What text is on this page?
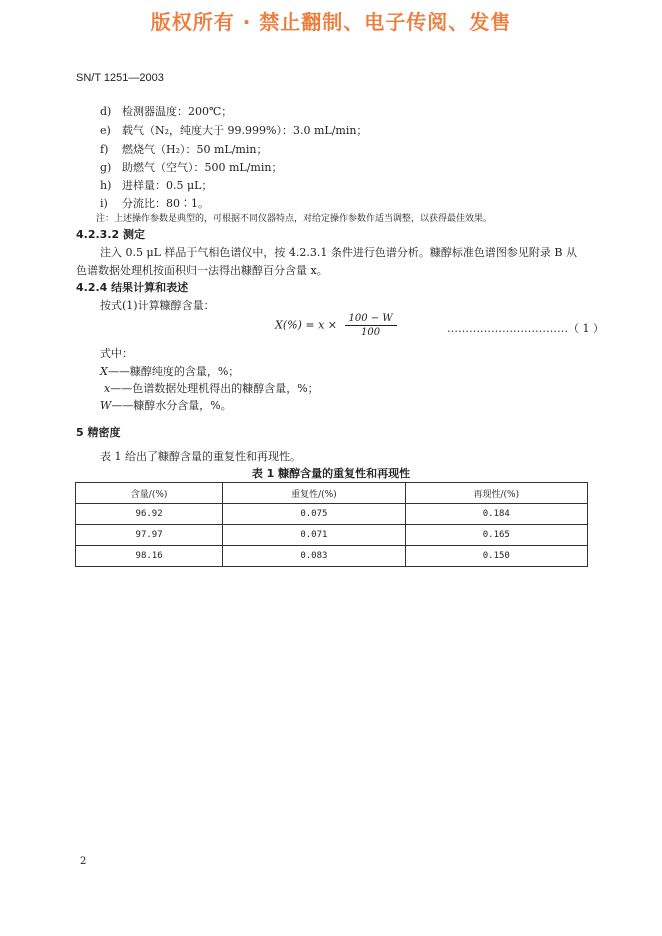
版权所有 · 禁止翻制、电子传阅、发售
SN/T 1251—2003
d) 检测器温度：200℃；
e) 载气（N₂，纯度大于 99.999%）：3.0 mL/min；
f) 燃烧气（H₂）：50 mL/min；
g) 助燃气（空气）：500 mL/min；
h) 进样量：0.5 μL；
i) 分流比：80∶1。
注：上述操作参数是典型的，可根据不同仪器特点，对给定操作参数作适当调整，以获得最佳效果。
4.2.3.2 测定
注入 0.5 μL 样品于气相色谱仪中，按 4.2.3.1 条件进行色谱分析。糠醇标准色谱图参见附录 B 从
色谱数据处理机按面积归一法得出糠醇百分含量 x。
4.2.4 结果计算和表述
按式(1)计算糠醇含量：
$X(\%) = x \times \frac{100 - W}{100}$	……………………………（ 1 ）
式中：
X——糠醇纯度的含量，%；
x——色谱数据处理机得出的糠醇含量，%；
W——糠醇水分含量，%。
5 精密度
表 1 给出了糠醇含量的重复性和再现性。
表 1 糠醇含量的重复性和再现性
含量/(%)	重复性/(%)	再现性/(%)
96.92	0.075	0.184
97.97	0.071	0.165
98.16	0.083	0.150
2
